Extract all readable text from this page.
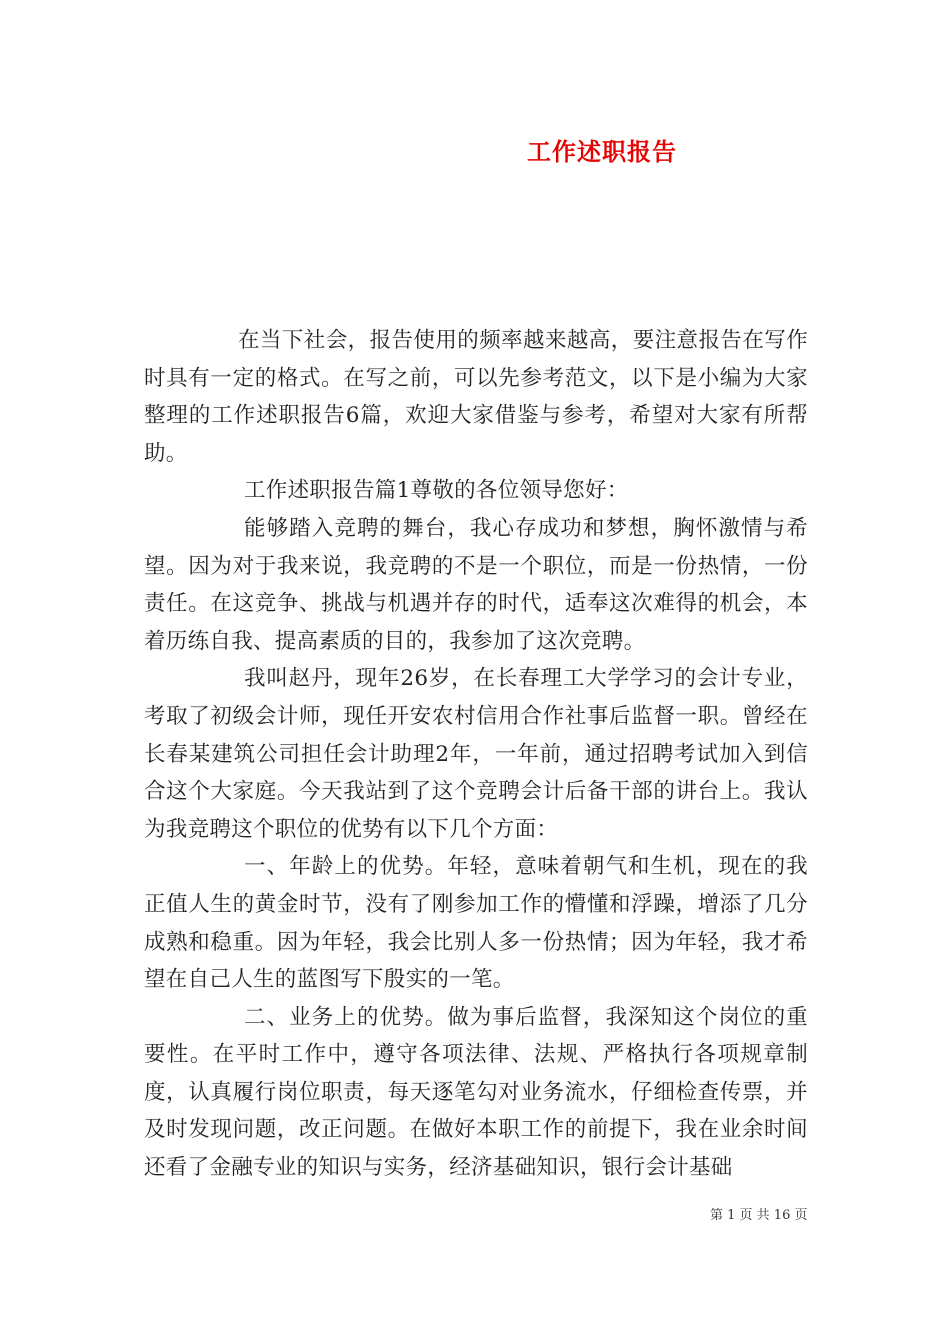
工作述职报告

在当下社会，报告使用的频率越来越高，要注意报告在写作时具有一定的格式。在写之前，可以先参考范文，以下是小编为大家整理的工作述职报告6篇，欢迎大家借鉴与参考，希望对大家有所帮助。

工作述职报告篇1尊敬的各位领导您好：

能够踏入竞聘的舞台，我心存成功和梦想，胸怀激情与希望。因为对于我来说，我竞聘的不是一个职位，而是一份热情，一份责任。在这竞争、挑战与机遇并存的时代，适奉这次难得的机会，本着历练自我、提高素质的目的，我参加了这次竞聘。

我叫赵丹，现年26岁，在长春理工大学学习的会计专业，考取了初级会计师，现任开安农村信用合作社事后监督一职。曾经在长春某建筑公司担任会计助理2年，一年前，通过招聘考试加入到信合这个大家庭。今天我站到了这个竞聘会计后备干部的讲台上。我认为我竞聘这个职位的优势有以下几个方面：

一、年龄上的优势。年轻，意味着朝气和生机，现在的我正值人生的黄金时节，没有了刚参加工作的懵懂和浮躁，增添了几分成熟和稳重。因为年轻，我会比别人多一份热情；因为年轻，我才希望在自己人生的蓝图写下殷实的一笔。

二、业务上的优势。做为事后监督，我深知这个岗位的重要性。在平时工作中，遵守各项法律、法规、严格执行各项规章制度，认真履行岗位职责，每天逐笔勾对业务流水，仔细检查传票，并及时发现问题，改正问题。在做好本职工作的前提下，我在业余时间还看了金融专业的知识与实务，经济基础知识，银行会计基础

第 1 页 共 16 页
